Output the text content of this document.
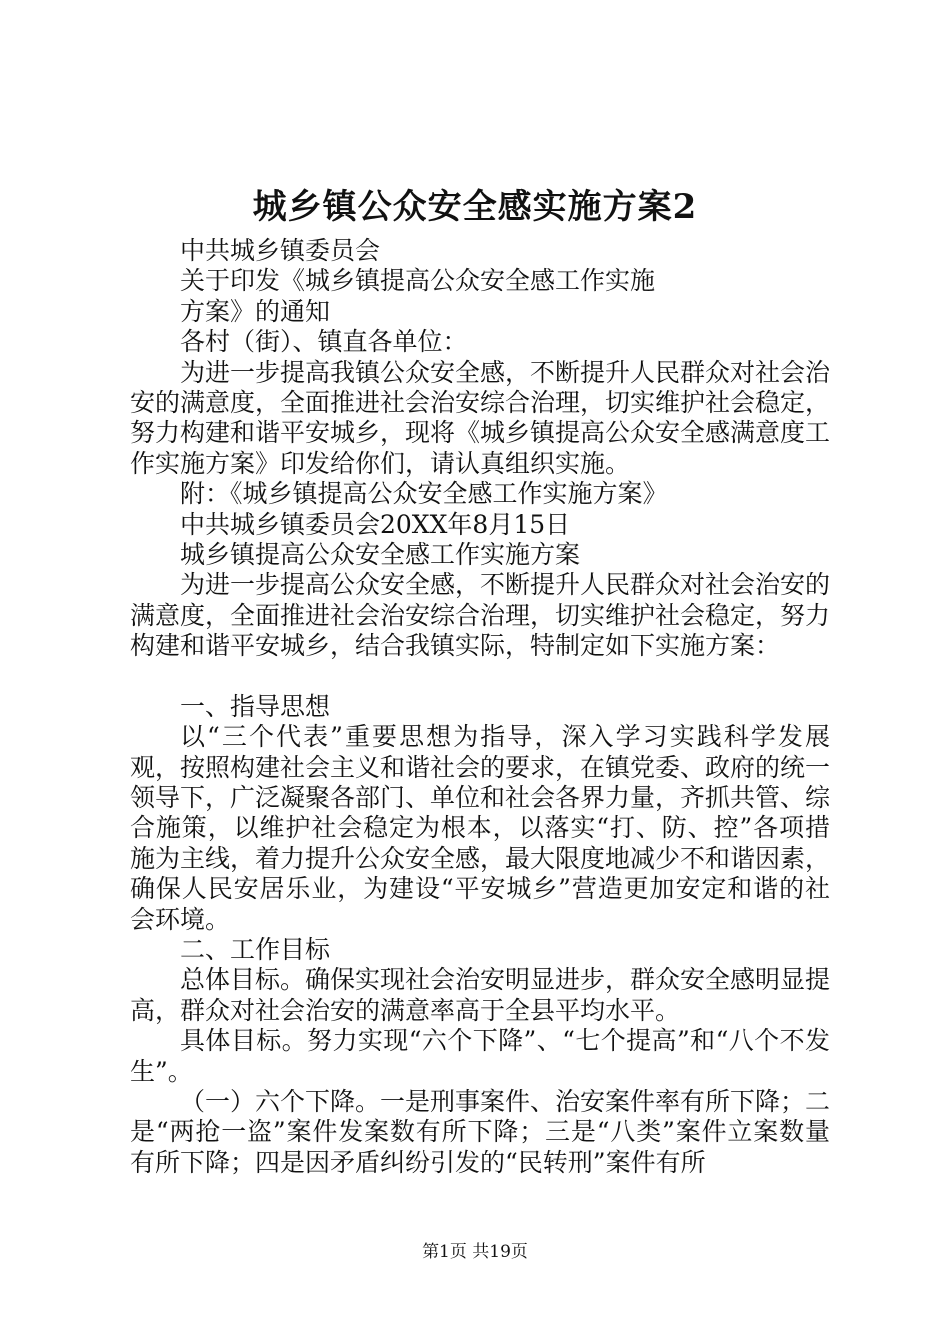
城乡镇公众安全感实施方案2

中共城乡镇委员会

关于印发《城乡镇提高公众安全感工作实施

方案》的通知

各村（街）、镇直各单位：

为进一步提高我镇公众安全感，不断提升人民群众对社会治安的满意度，全面推进社会治安综合治理，切实维护社会稳定，努力构建和谐平安城乡，现将《城乡镇提高公众安全感满意度工作实施方案》印发给你们，请认真组织实施。

附：《城乡镇提高公众安全感工作实施方案》

中共城乡镇委员会20XX年8月15日

城乡镇提高公众安全感工作实施方案

为进一步提高公众安全感，不断提升人民群众对社会治安的满意度，全面推进社会治安综合治理，切实维护社会稳定，努力构建和谐平安城乡，结合我镇实际，特制定如下实施方案：

一、指导思想

以“三个代表”重要思想为指导，深入学习实践科学发展观，按照构建社会主义和谐社会的要求，在镇党委、政府的统一领导下，广泛凝聚各部门、单位和社会各界力量，齐抓共管、综合施策，以维护社会稳定为根本，以落实“打、防、控”各项措施为主线，着力提升公众安全感，最大限度地减少不和谐因素，确保人民安居乐业，为建设“平安城乡”营造更加安定和谐的社会环境。

二、工作目标

总体目标。确保实现社会治安明显进步，群众安全感明显提高，群众对社会治安的满意率高于全县平均水平。

具体目标。努力实现“六个下降”、“七个提高”和“八个不发生”。

（一）六个下降。一是刑事案件、治安案件率有所下降；二是“两抢一盗”案件发案数有所下降；三是“八类”案件立案数量有所下降；四是因矛盾纠纷引发的“民转刑”案件有所

第1页 共19页
